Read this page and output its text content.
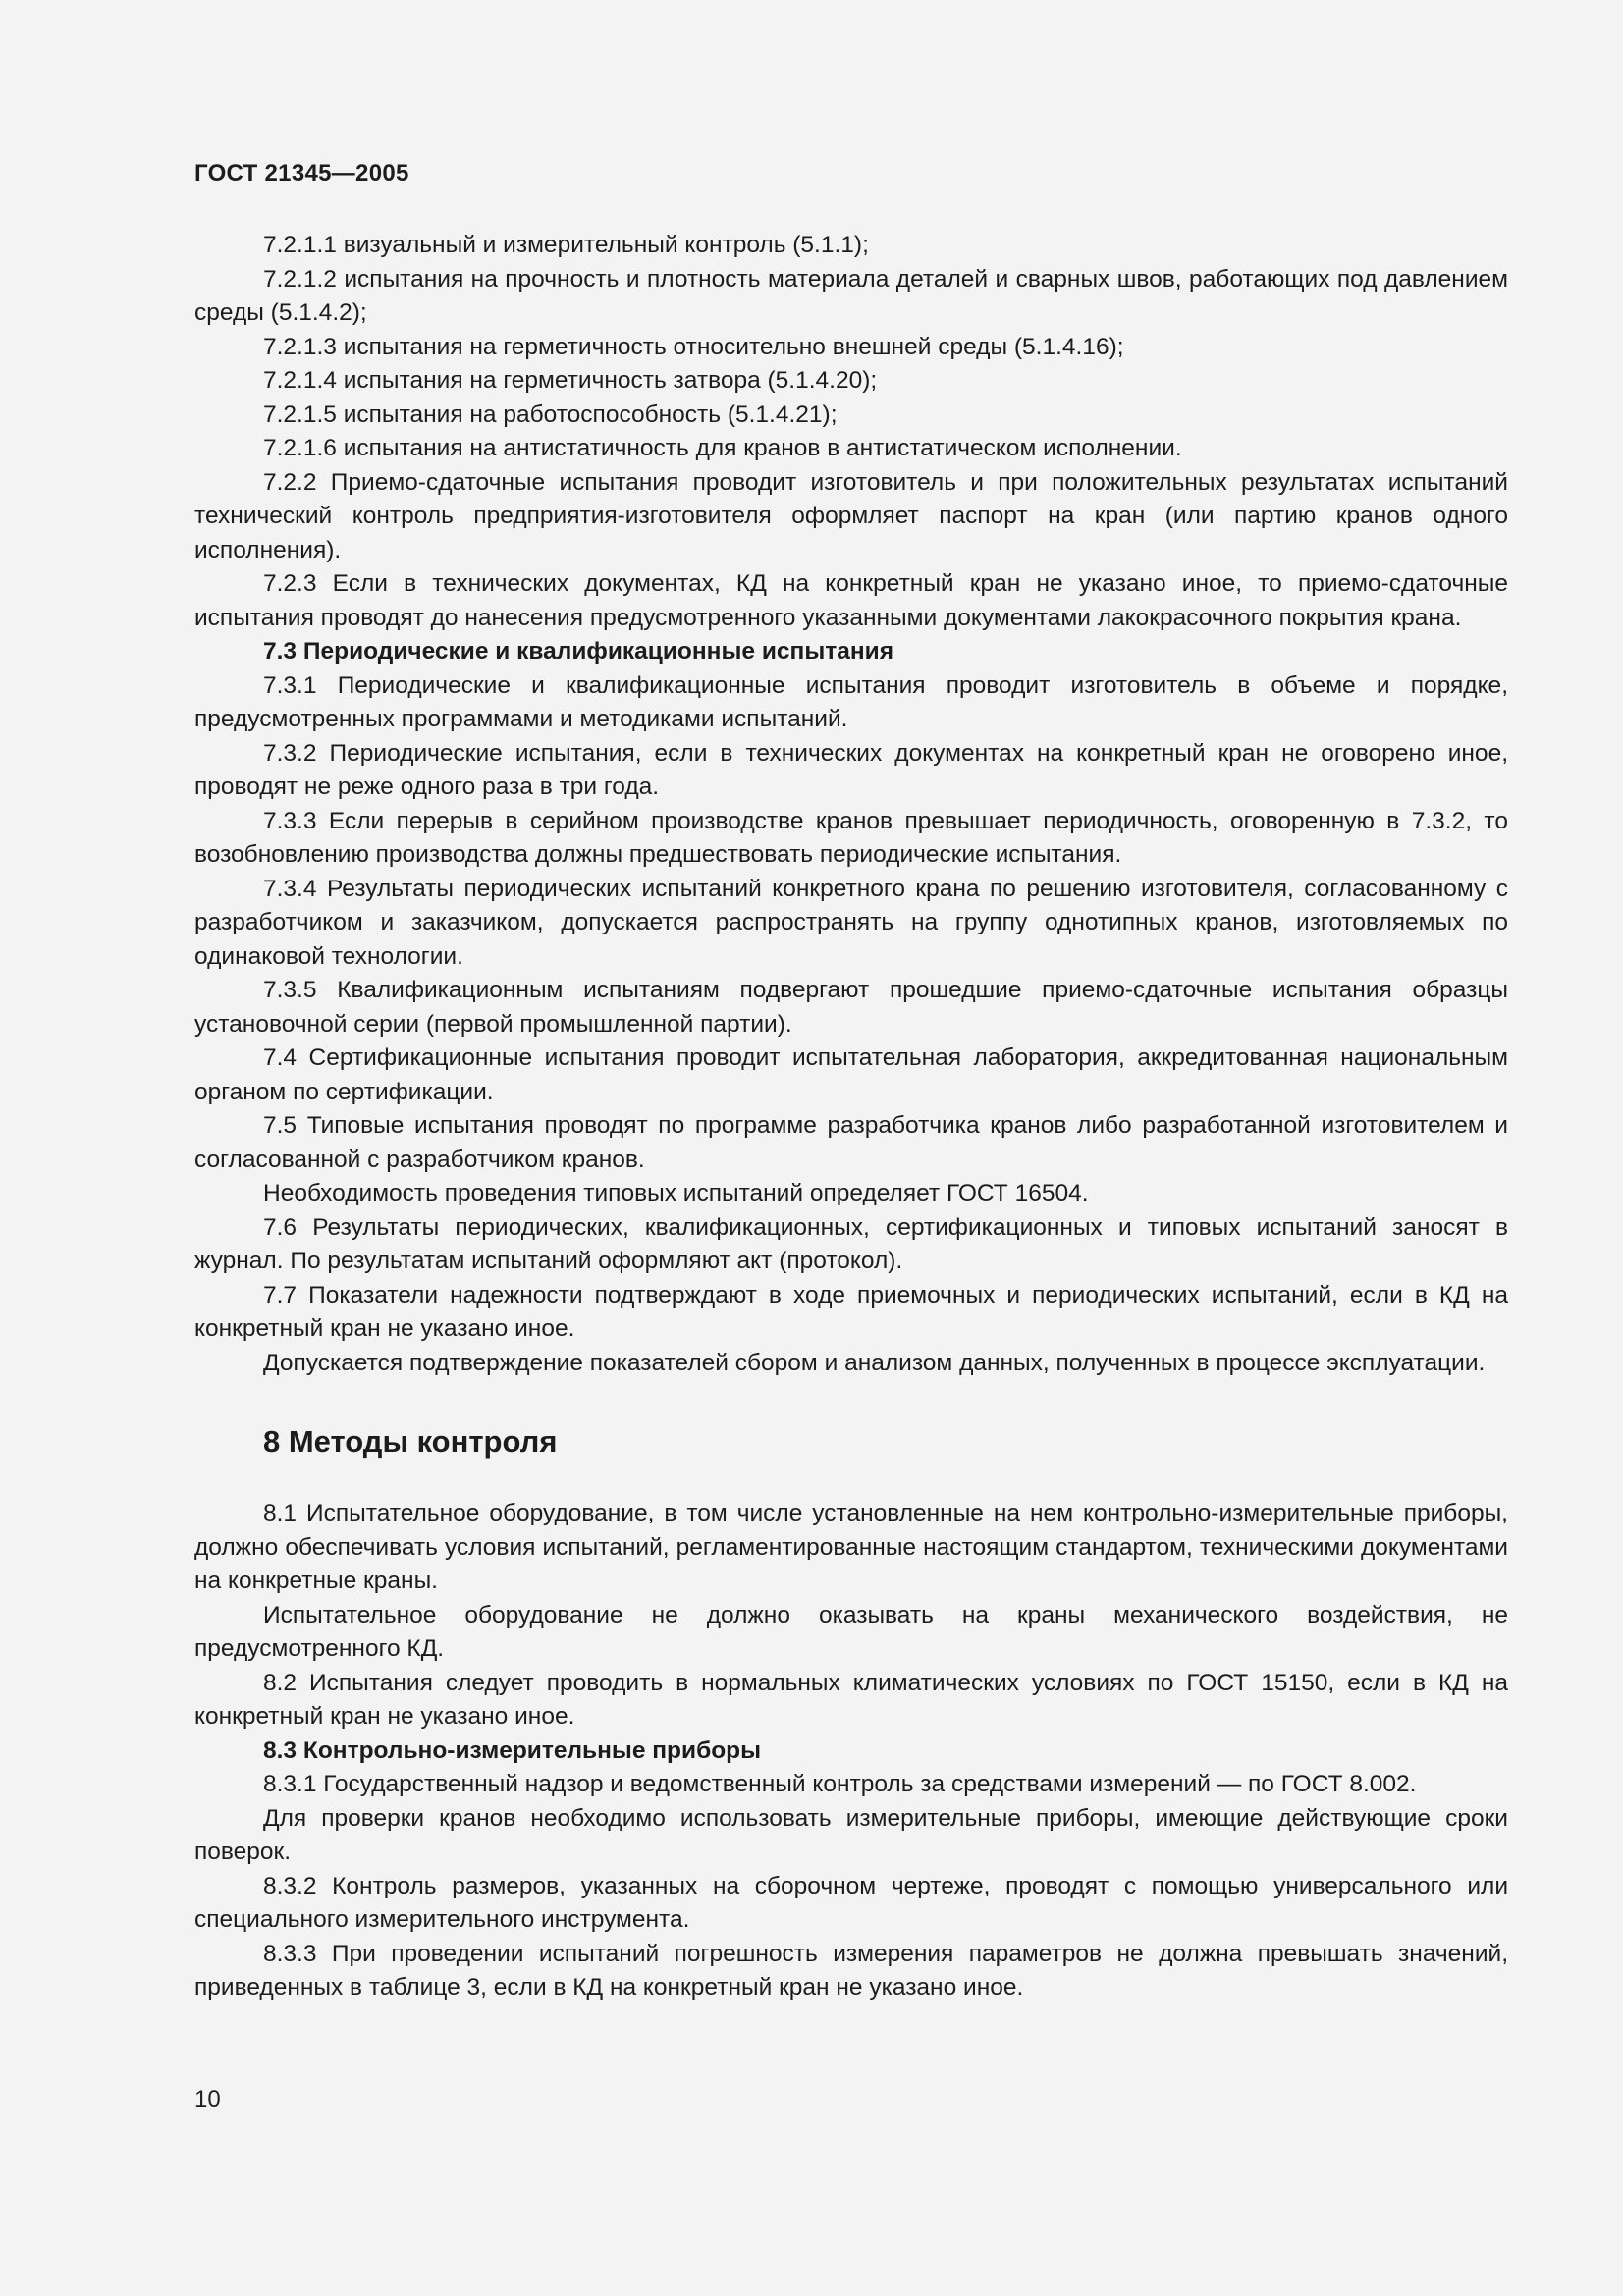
ГОСТ 21345—2005

7.2.1.1 визуальный и измерительный контроль (5.1.1);

7.2.1.2 испытания на прочность и плотность материала деталей и сварных швов, работающих под давлением среды (5.1.4.2);

7.2.1.3 испытания на герметичность относительно внешней среды (5.1.4.16);

7.2.1.4 испытания на герметичность затвора (5.1.4.20);

7.2.1.5 испытания на работоспособность (5.1.4.21);

7.2.1.6 испытания на антистатичность для кранов в антистатическом исполнении.

7.2.2 Приемо-сдаточные испытания проводит изготовитель и при положительных результатах испытаний технический контроль предприятия-изготовителя оформляет паспорт на кран (или партию кранов одного исполнения).

7.2.3 Если в технических документах, КД на конкретный кран не указано иное, то приемо-сдаточные испытания проводят до нанесения предусмотренного указанными документами лакокрасочного покрытия крана.

7.3 Периодические и квалификационные испытания

7.3.1 Периодические и квалификационные испытания проводит изготовитель в объеме и порядке, предусмотренных программами и методиками испытаний.

7.3.2 Периодические испытания, если в технических документах на конкретный кран не оговорено иное, проводят не реже одного раза в три года.

7.3.3 Если перерыв в серийном производстве кранов превышает периодичность, оговоренную в 7.3.2, то возобновлению производства должны предшествовать периодические испытания.

7.3.4 Результаты периодических испытаний конкретного крана по решению изготовителя, согласованному с разработчиком и заказчиком, допускается распространять на группу однотипных кранов, изготовляемых по одинаковой технологии.

7.3.5 Квалификационным испытаниям подвергают прошедшие приемо-сдаточные испытания образцы установочной серии (первой промышленной партии).

7.4 Сертификационные испытания проводит испытательная лаборатория, аккредитованная национальным органом по сертификации.

7.5 Типовые испытания проводят по программе разработчика кранов либо разработанной изготовителем и согласованной с разработчиком кранов.

Необходимость проведения типовых испытаний определяет ГОСТ 16504.

7.6 Результаты периодических, квалификационных, сертификационных и типовых испытаний заносят в журнал. По результатам испытаний оформляют акт (протокол).

7.7 Показатели надежности подтверждают в ходе приемочных и периодических испытаний, если в КД на конкретный кран не указано иное.

Допускается подтверждение показателей сбором и анализом данных, полученных в процессе эксплуатации.

8 Методы контроля

8.1 Испытательное оборудование, в том числе установленные на нем контрольно-измерительные приборы, должно обеспечивать условия испытаний, регламентированные настоящим стандартом, техническими документами на конкретные краны.

Испытательное оборудование не должно оказывать на краны механического воздействия, не предусмотренного КД.

8.2 Испытания следует проводить в нормальных климатических условиях по ГОСТ 15150, если в КД на конкретный кран не указано иное.

8.3 Контрольно-измерительные приборы

8.3.1 Государственный надзор и ведомственный контроль за средствами измерений — по ГОСТ 8.002.

Для проверки кранов необходимо использовать измерительные приборы, имеющие действующие сроки поверок.

8.3.2 Контроль размеров, указанных на сборочном чертеже, проводят с помощью универсального или специального измерительного инструмента.

8.3.3 При проведении испытаний погрешность измерения параметров не должна превышать значений, приведенных в таблице 3, если в КД на конкретный кран не указано иное.

10
